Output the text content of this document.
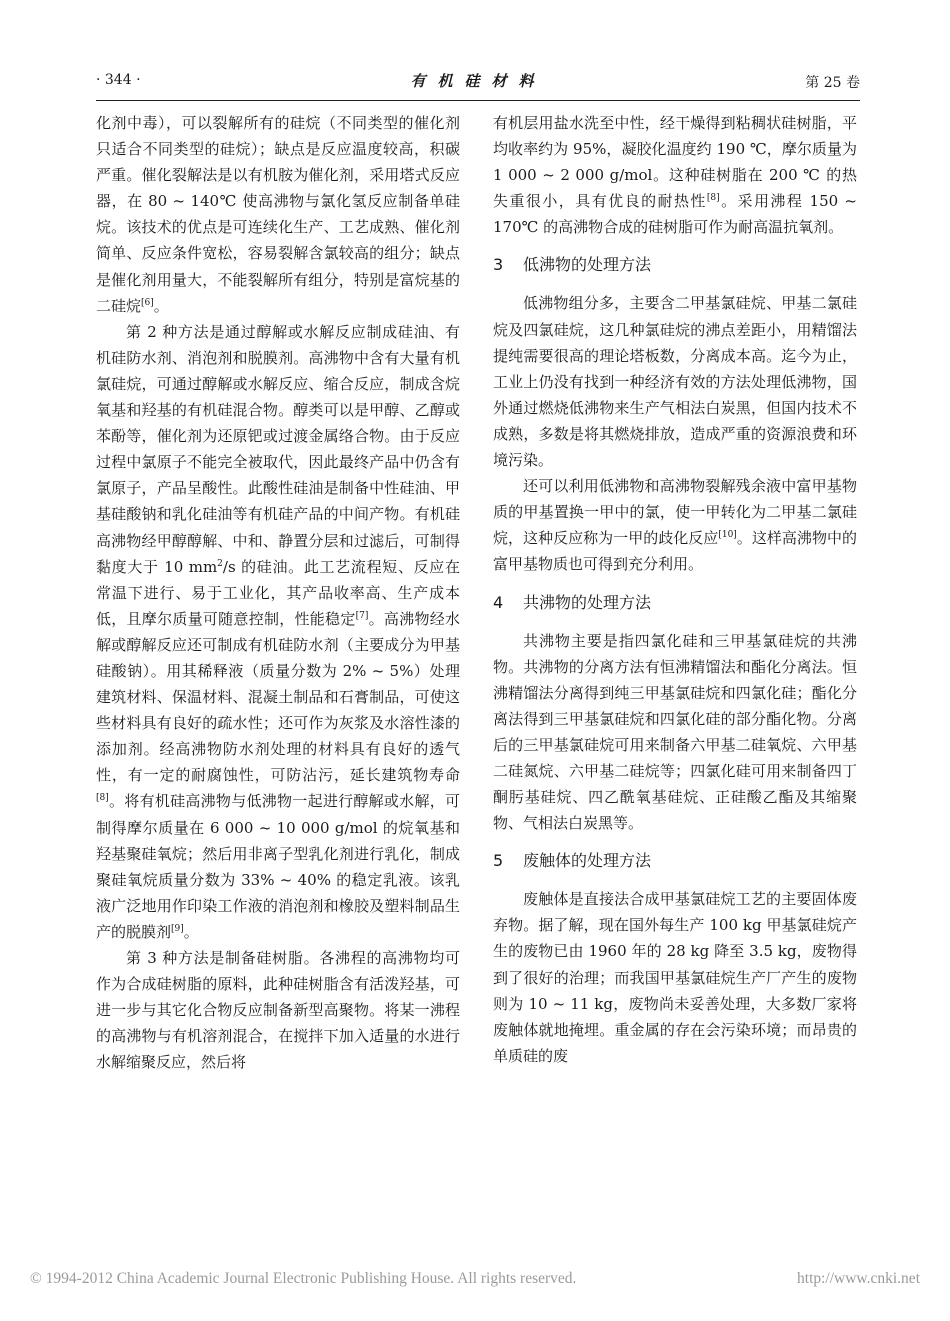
· 344 ·	有机硅材料	第 25 卷

化剂中毒），可以裂解所有的硅烷（不同类型的催化剂只适合不同类型的硅烷）；缺点是反应温度较高，积碳严重。催化裂解法是以有机胺为催化剂，采用塔式反应器，在 80 ~ 140℃ 使高沸物与氯化氢反应制备单硅烷。该技术的优点是可连续化生产、工艺成熟、催化剂简单、反应条件宽松，容易裂解含氯较高的组分；缺点是催化剂用量大，不能裂解所有组分，特别是富烷基的二硅烷[6]。

第 2 种方法是通过醇解或水解反应制成硅油、有机硅防水剂、消泡剂和脱膜剂。高沸物中含有大量有机氯硅烷，可通过醇解或水解反应、缩合反应，制成含烷氧基和羟基的有机硅混合物。醇类可以是甲醇、乙醇或苯酚等，催化剂为还原钯或过渡金属络合物。由于反应过程中氯原子不能完全被取代，因此最终产品中仍含有氯原子，产品呈酸性。此酸性硅油是制备中性硅油、甲基硅酸钠和乳化硅油等有机硅产品的中间产物。有机硅高沸物经甲醇醇解、中和、静置分层和过滤后，可制得黏度大于 10 mm$^2$/s 的硅油。此工艺流程短、反应在常温下进行、易于工业化，其产品收率高、生产成本低，且摩尔质量可随意控制，性能稳定[7]。高沸物经水解或醇解反应还可制成有机硅防水剂（主要成分为甲基硅酸钠）。用其稀释液（质量分数为 2% ~ 5%）处理建筑材料、保温材料、混凝土制品和石膏制品，可使这些材料具有良好的疏水性；还可作为灰浆及水溶性漆的添加剂。经高沸物防水剂处理的材料具有良好的透气性，有一定的耐腐蚀性，可防沾污，延长建筑物寿命[8]。将有机硅高沸物与低沸物一起进行醇解或水解，可制得摩尔质量在 6 000 ~ 10 000 g/mol 的烷氧基和羟基聚硅氧烷；然后用非离子型乳化剂进行乳化，制成聚硅氧烷质量分数为 33% ~ 40% 的稳定乳液。该乳液广泛地用作印染工作液的消泡剂和橡胶及塑料制品生产的脱膜剂[9]。

第 3 种方法是制备硅树脂。各沸程的高沸物均可作为合成硅树脂的原料，此种硅树脂含有活泼羟基，可进一步与其它化合物反应制备新型高聚物。将某一沸程的高沸物与有机溶剂混合，在搅拌下加入适量的水进行水解缩聚反应，然后将

有机层用盐水洗至中性，经干燥得到粘稠状硅树脂，平均收率约为 95%，凝胶化温度约 190 ℃，摩尔质量为 1 000 ~ 2 000 g/mol。这种硅树脂在 200 ℃ 的热失重很小，具有优良的耐热性[8]。采用沸程 150 ~ 170℃ 的高沸物合成的硅树脂可作为耐高温抗氧剂。

3 低沸物的处理方法

低沸物组分多，主要含二甲基氯硅烷、甲基二氯硅烷及四氯硅烷，这几种氯硅烷的沸点差距小，用精馏法提纯需要很高的理论塔板数，分离成本高。迄今为止，工业上仍没有找到一种经济有效的方法处理低沸物，国外通过燃烧低沸物来生产气相法白炭黑，但国内技术不成熟，多数是将其燃烧排放，造成严重的资源浪费和环境污染。

还可以利用低沸物和高沸物裂解残余液中富甲基物质的甲基置换一甲中的氯，使一甲转化为二甲基二氯硅烷，这种反应称为一甲的歧化反应[10]。这样高沸物中的富甲基物质也可得到充分利用。

4 共沸物的处理方法

共沸物主要是指四氯化硅和三甲基氯硅烷的共沸物。共沸物的分离方法有恒沸精馏法和酯化分离法。恒沸精馏法分离得到纯三甲基氯硅烷和四氯化硅；酯化分离法得到三甲基氯硅烷和四氯化硅的部分酯化物。分离后的三甲基氯硅烷可用来制备六甲基二硅氧烷、六甲基二硅氮烷、六甲基二硅烷等；四氯化硅可用来制备四丁酮肟基硅烷、四乙酰氧基硅烷、正硅酸乙酯及其缩聚物、气相法白炭黑等。

5 废触体的处理方法

废触体是直接法合成甲基氯硅烷工艺的主要固体废弃物。据了解，现在国外每生产 100 kg 甲基氯硅烷产生的废物已由 1960 年的 28 kg 降至 3.5 kg，废物得到了很好的治理；而我国甲基氯硅烷生产厂产生的废物则为 10 ~ 11 kg，废物尚未妥善处理，大多数厂家将废触体就地掩埋。重金属的存在会污染环境；而昂贵的单质硅的废

© 1994-2012 China Academic Journal Electronic Publishing House. All rights reserved.	http://www.cnki.net
